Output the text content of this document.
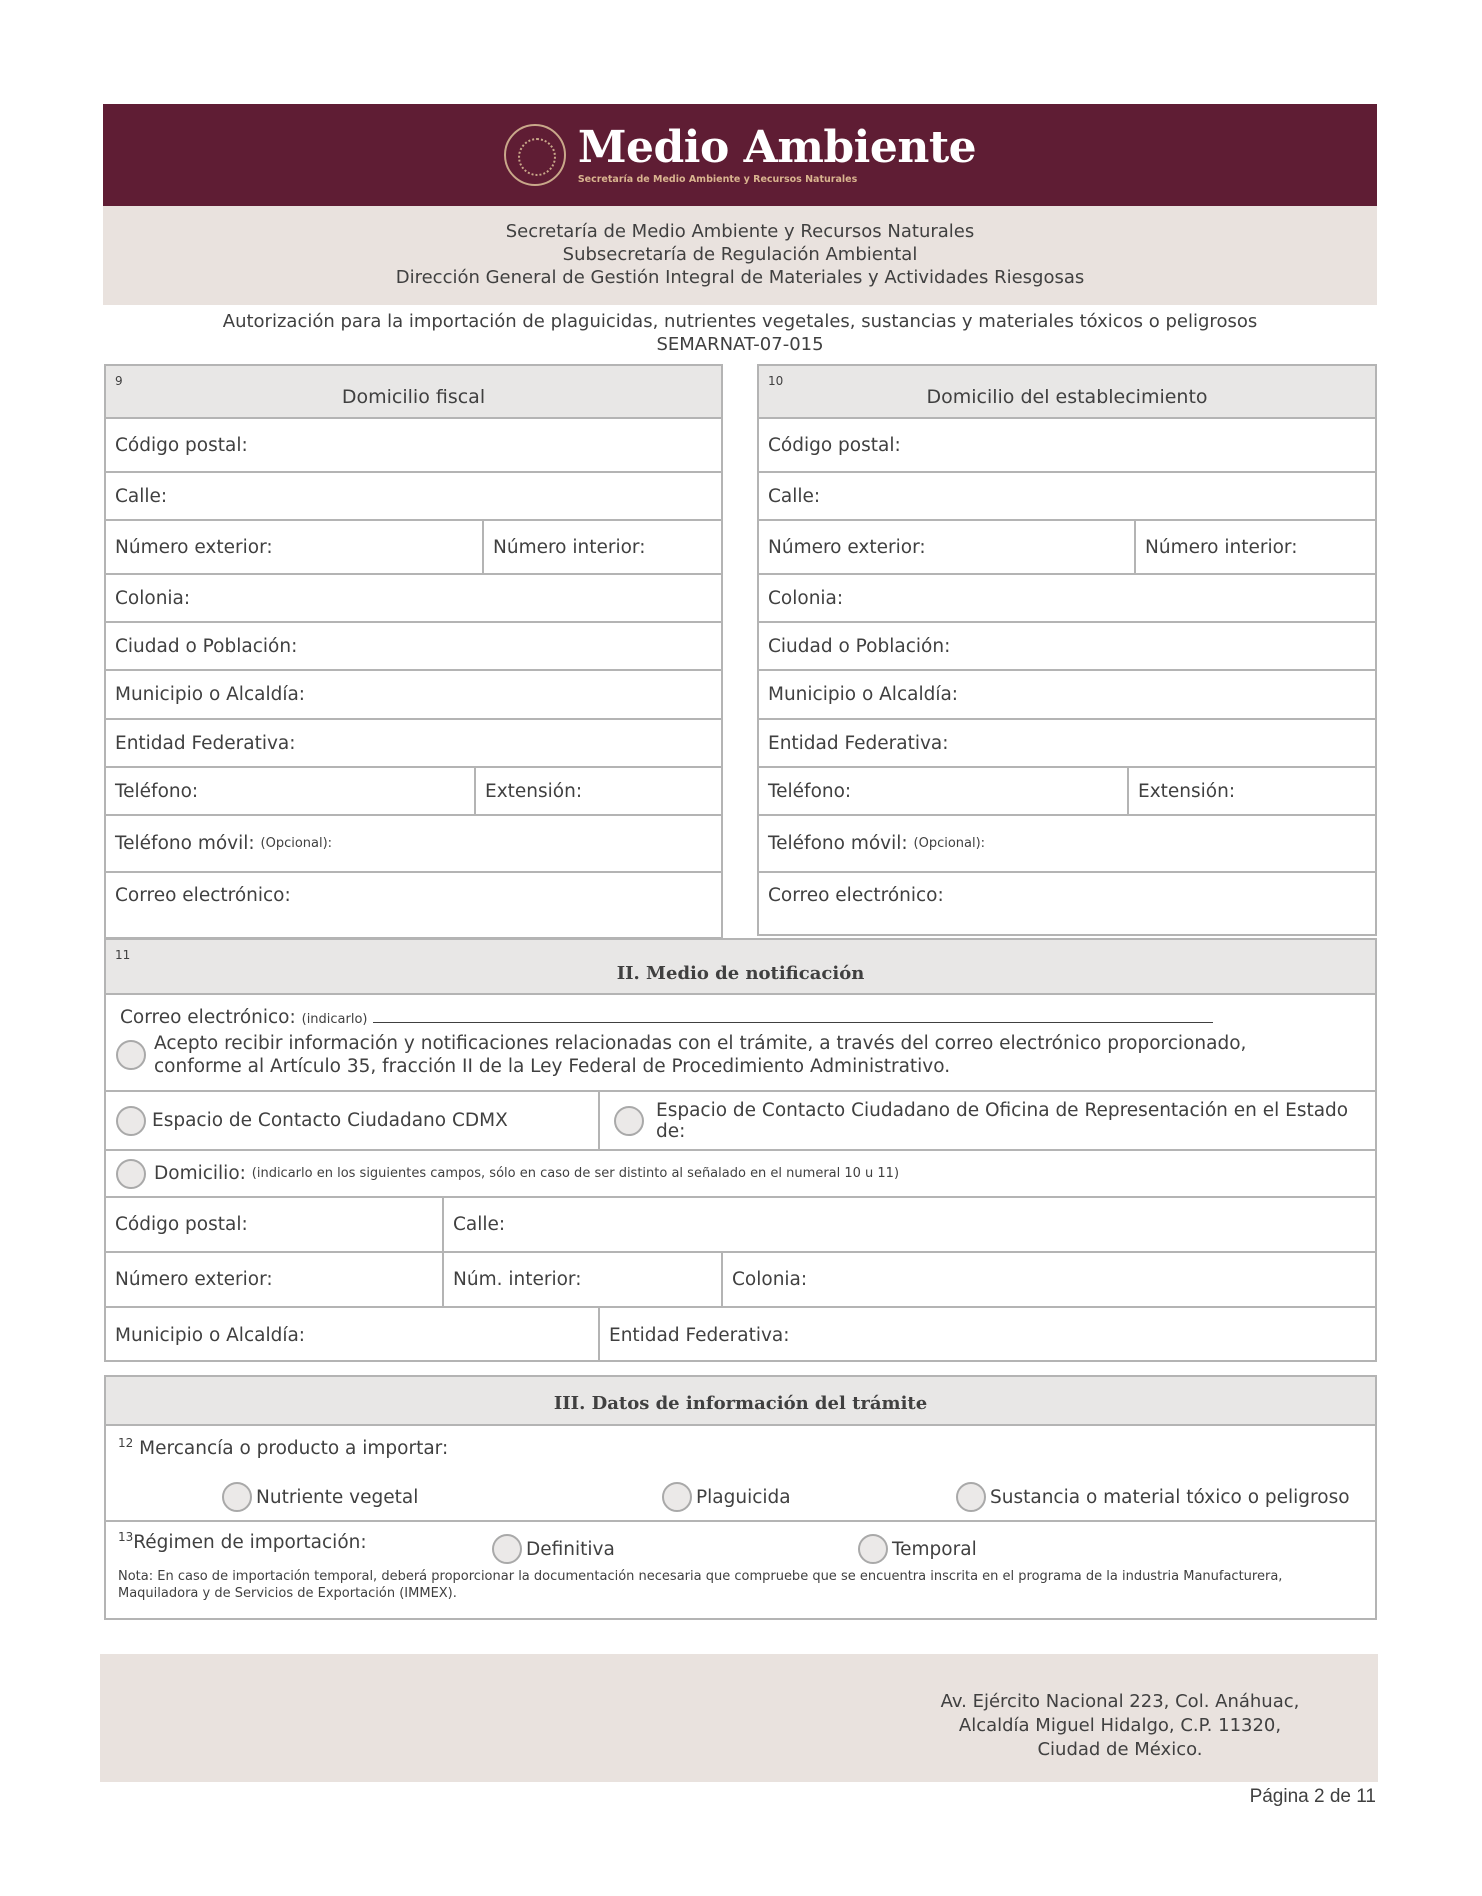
Medio Ambiente
Secretaría de Medio Ambiente y Recursos Naturales
Secretaría de Medio Ambiente y Recursos Naturales
Subsecretaría de Regulación Ambiental
Dirección General de Gestión Integral de Materiales y Actividades Riesgosas
Autorización para la importación de plaguicidas, nutrientes vegetales, sustancias y materiales tóxicos o peligrosos
SEMARNAT-07-015
9
Domicilio fiscal
Código postal:
Calle:
Número exterior:	Número interior:
Colonia:
Ciudad o Población:
Municipio o Alcaldía:
Entidad Federativa:
Teléfono:	Extensión:
Teléfono móvil:
(Opcional):
Correo electrónico:
10
Domicilio del establecimiento
Código postal:
Calle:
Número exterior:	Número interior:
Colonia:
Ciudad o Población:
Municipio o Alcaldía:
Entidad Federativa:
Teléfono:	Extensión:
Teléfono móvil:
(Opcional):
Correo electrónico:
11
II. Medio de notificación
Correo electrónico: (indicarlo)
Acepto recibir información y notificaciones relacionadas con el trámite, a través del correo electrónico proporcionado,
conforme al Artículo 35, fracción II de la Ley Federal de Procedimiento Administrativo.
Espacio de Contacto Ciudadano CDMX	Espacio de Contacto Ciudadano de Oficina de Representación en el Estado de:
Domicilio:
(indicarlo en los siguientes campos, sólo en caso de ser distinto al señalado en el numeral 10 u 11)
Código postal:	Calle:
Número exterior:	Núm. interior:	Colonia:
Municipio o Alcaldía:	Entidad Federativa:
III. Datos de información del trámite
$^{12}$ Mercancía o producto a importar:
Nutriente vegetal	Plaguicida	Sustancia o material tóxico o peligroso
$^{13}$Régimen de importación:	Definitiva	Temporal
Nota: En caso de importación temporal, deberá proporcionar la documentación necesaria que compruebe que se encuentra inscrita en el programa de la industria Manufacturera,
Maquiladora y de Servicios de Exportación (IMMEX).
Av. Ejército Nacional 223, Col. Anáhuac,
Alcaldía Miguel Hidalgo, C.P. 11320,
Ciudad de México.
Página 2 de 11
